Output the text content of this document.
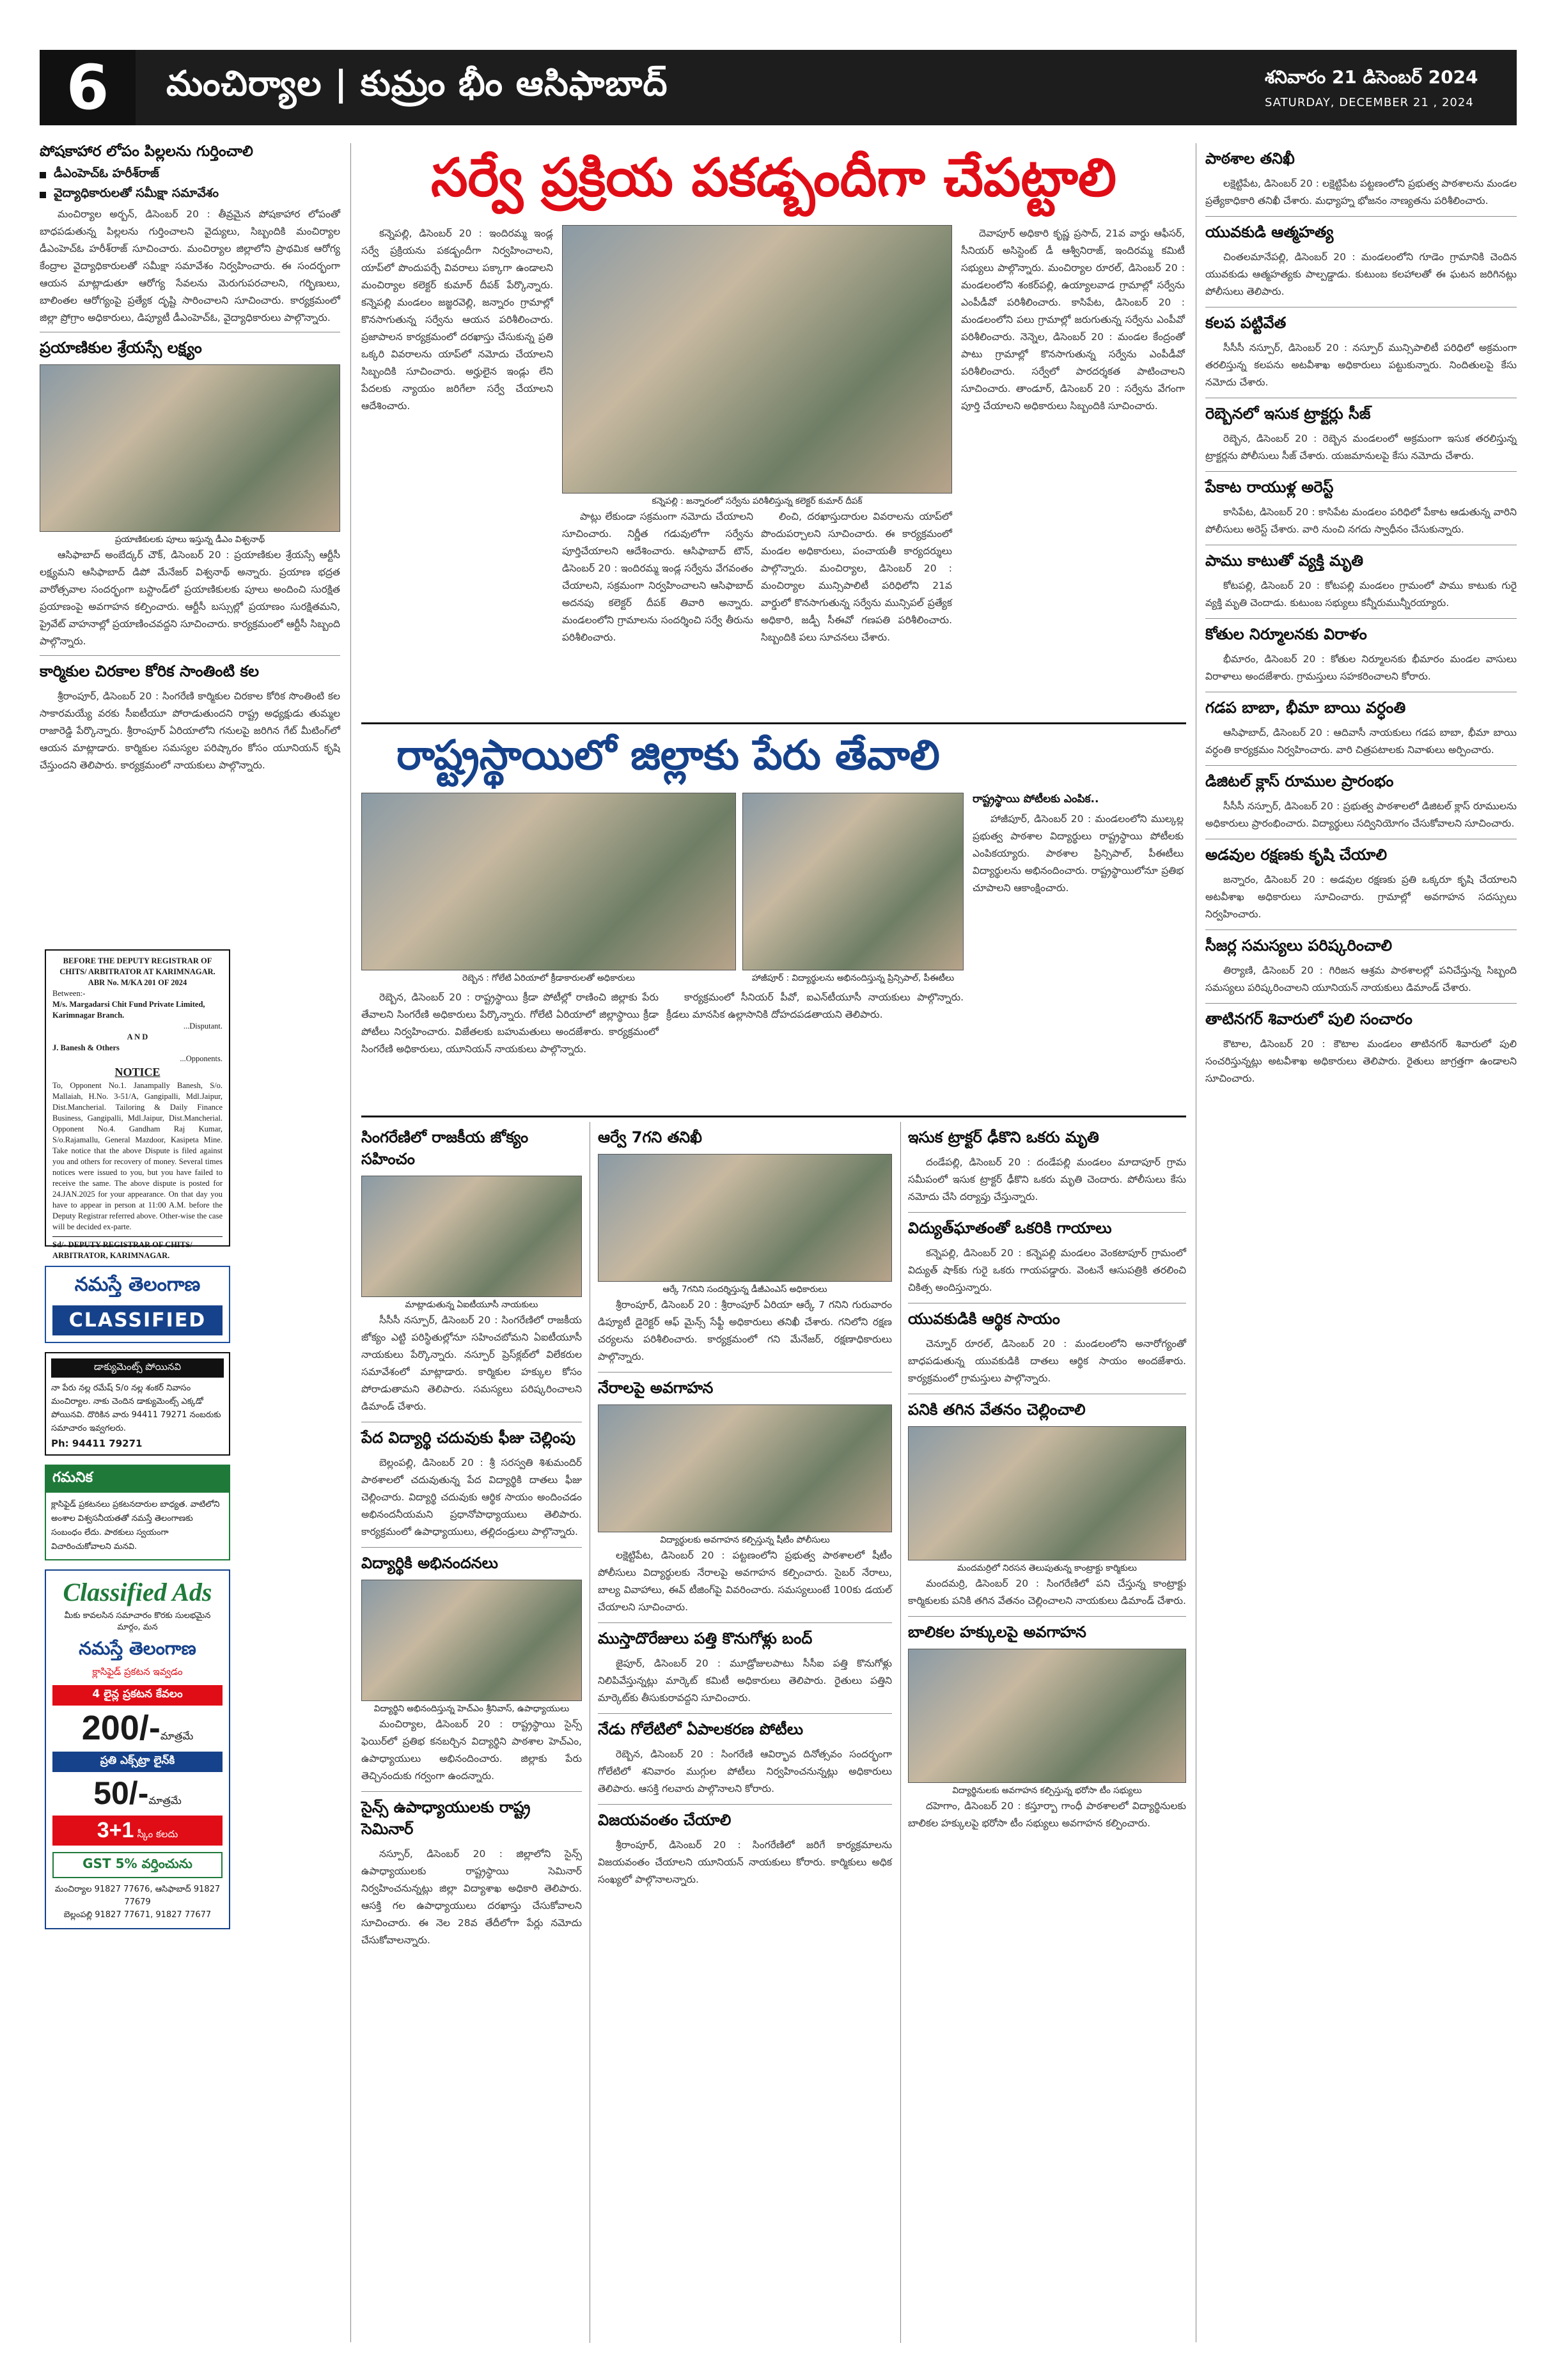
6	మంచిర్యాల | కుమ్రం భీం ఆసిఫాబాద్	శనివారం 21 డిసెంబర్ 2024
SATURDAY, DECEMBER 21 , 2024
పోషకాహార లోపం పిల్లలను గుర్తించాలి
డీఎంహెచ్‌ఓ హరీశ్‌రాజ్
వైద్యాధికారులతో సమీక్షా సమావేశం

మంచిర్యాల అర్బన్, డిసెంబర్ 20 : తీవ్రమైన పోషకాహార లోపంతో బాధపడుతున్న పిల్లలను గుర్తించాలని వైద్యులు, సిబ్బందికి మంచిర్యాల డీఎంహెచ్‌ఓ హరీశ్‌రాజ్ సూచించారు. మంచిర్యాల జిల్లాలోని ప్రాథమిక ఆరోగ్య కేంద్రాల వైద్యాధికారులతో సమీక్షా సమావేశం నిర్వహించారు. ఈ సందర్భంగా ఆయన మాట్లాడుతూ ఆరోగ్య సేవలను మెరుగుపరచాలని, గర్భిణులు, బాలింతల ఆరోగ్యంపై ప్రత్యేక దృష్టి సారించాలని సూచించారు. కార్యక్రమంలో జిల్లా ప్రోగ్రాం అధికారులు, డిప్యూటీ డీఎంహెచ్‌ఓ, వైద్యాధికారులు పాల్గొన్నారు.

ప్రయాణికుల శ్రేయస్సే లక్ష్యం
ప్రయాణికులకు పూలు ఇస్తున్న డీఎం విశ్వనాథ్

ఆసిఫాబాద్ అంబేద్కర్ చౌక్, డిసెంబర్ 20 : ప్రయాణికుల శ్రేయస్సే ఆర్టీసీ లక్ష్యమని ఆసిఫాబాద్ డిపో మేనేజర్ విశ్వనాథ్ అన్నారు. ప్రయాణ భద్రత వారోత్సవాల సందర్భంగా బస్టాండ్‌లో ప్రయాణికులకు పూలు అందించి సురక్షిత ప్రయాణంపై అవగాహన కల్పించారు. ఆర్టీసీ బస్సుల్లో ప్రయాణం సురక్షితమని, ప్రైవేట్ వాహనాల్లో ప్రయాణించవద్దని సూచించారు. కార్యక్రమంలో ఆర్టీసీ సిబ్బంది పాల్గొన్నారు.

కార్మికుల చిరకాల కోరిక సాంతింటి కల

శ్రీరాంపూర్, డిసెంబర్ 20 : సింగరేణి కార్మికుల చిరకాల కోరిక సొంతింటి కల సాకారమయ్యే వరకు సీఐటీయూ పోరాడుతుందని రాష్ట్ర అధ్యక్షుడు తుమ్మల రాజారెడ్డి పేర్కొన్నారు. శ్రీరాంపూర్ ఏరియాలోని గనులపై జరిగిన గేట్ మీటింగ్‌లో ఆయన మాట్లాడారు. కార్మికుల సమస్యల పరిష్కారం కోసం యూనియన్ కృషి చేస్తుందని తెలిపారు. కార్యక్రమంలో నాయకులు పాల్గొన్నారు.

BEFORE THE DEPUTY REGISTRAR OF CHITS/ ARBITRATOR AT KARIMNAGAR.
ABR No. M/KA 201 OF 2024
Between:-
M/s. Margadarsi Chit Fund Private Limited, Karimnagar Branch.
...Disputant.
A N D
J. Banesh & Others
...Opponents.
NOTICE
To, Opponent No.1. Janampally Banesh, S/o. Mallaiah, H.No. 3-51/A, Gangipalli, Mdl.Jaipur, Dist.Mancherial. Tailoring & Daily Finance Business, Gangipalli, Mdl.Jaipur, Dist.Mancherial. Opponent No.4. Gandham Raj Kumar, S/o.Rajamallu, General Mazdoor, Kasipeta Mine. Take notice that the above Dispute is filed against you and others for recovery of money. Several times notices were issued to you, but you have failed to receive the same. The above dispute is posted for 24.JAN.2025 for your appearance. On that day you have to appear in person at 11:00 A.M. before the Deputy Registrar referred above. Other-wise the case will be decided ex-parte.
Sd/- DEPUTY REGISTRAR OF CHITS/ ARBITRATOR, KARIMNAGAR.
నమస్తే తెలంగాణ
CLASSIFIED
డాక్యుమెంట్స్ పోయినవి
నా పేరు నల్ల రమేష్ S/o నల్ల శంకర్ నివాసం మంచిర్యాల. నాకు చెందిన డాక్యుమెంట్స్ ఎక్కడో పోయినవి. దొరికిన వారు 94411 79271 నంబరుకు సమాచారం ఇవ్వగలరు.
Ph: 94411 79271
గమనిక
క్లాసిఫైడ్ ప్రకటనలు ప్రకటనదారుల బాధ్యత. వాటిలోని అంశాల విశ్వసనీయతతో నమస్తే తెలంగాణకు సంబంధం లేదు. పాఠకులు స్వయంగా విచారించుకోవాలని మనవి.
Classified Ads
మీకు కావలసిన సమాచారం కొరకు సులభమైన మార్గం, మన
నమస్తే తెలంగాణ
క్లాసిఫైడ్ ప్రకటన ఇవ్వడం
4 లైన్ల ప్రకటన కేవలం
200/-మాత్రమే
ప్రతి ఎక్స్‌ట్రా లైన్‌కి
50/-మాత్రమే
3+1 స్కీం కలదు
GST 5% వర్తించును
మంచిర్యాల 91827 77676, ఆసిఫాబాద్ 91827 77679
బెల్లంపల్లి 91827 77671, 91827 77677
సర్వే ప్రక్రియ పకడ్బందీగా చేపట్టాలి

కన్నెపల్లి, డిసెంబర్ 20 : ఇందిరమ్మ ఇండ్ల సర్వే ప్రక్రియను పకడ్బందీగా నిర్వహించాలని, యాప్‌లో పొందుపర్చే వివరాలు పక్కాగా ఉండాలని మంచిర్యాల కలెక్టర్ కుమార్ దీపక్ పేర్కొన్నారు. కన్నెపల్లి మండలం జజ్జరవెల్లి, జన్నారం గ్రామాల్లో కొనసాగుతున్న సర్వేను ఆయన పరిశీలించారు. ప్రజాపాలన కార్యక్రమంలో దరఖాస్తు చేసుకున్న ప్రతి ఒక్కరి వివరాలను యాప్‌లో నమోదు చేయాలని సిబ్బందికి సూచించారు. అర్హులైన ఇండ్లు లేని పేదలకు న్యాయం జరిగేలా సర్వే చేయాలని ఆదేశించారు.

కన్నెపల్లి : జన్నారంలో సర్వేను పరిశీలిస్తున్న కలెక్టర్ కుమార్ దీపక్

పాట్లు లేకుండా సక్రమంగా నమోదు చేయాలని సూచించారు. నిర్ణీత గడువులోగా సర్వేను పూర్తిచేయాలని ఆదేశించారు. ఆసిఫాబాద్ టౌన్, డిసెంబర్ 20 : ఇందిరమ్మ ఇండ్ల సర్వేను వేగవంతం చేయాలని, సక్రమంగా నిర్వహించాలని ఆసిఫాబాద్ అదనపు కలెక్టర్ దీపక్ తివారి అన్నారు. మండలంలోని గ్రామాలను సందర్శించి సర్వే తీరును పరిశీలించారు.

లించి, దరఖాస్తుదారుల వివరాలను యాప్‌లో పొందుపర్చాలని సూచించారు. ఈ కార్యక్రమంలో మండల అధికారులు, పంచాయతీ కార్యదర్శులు పాల్గొన్నారు. మంచిర్యాల, డిసెంబర్ 20 : మంచిర్యాల మున్సిపాలిటీ పరిధిలోని 21వ వార్డులో కొనసాగుతున్న సర్వేను మున్సిపల్ ప్రత్యేక అధికారి, జడ్పీ సీఈవో గణపతి పరిశీలించారు. సిబ్బందికి పలు సూచనలు చేశారు.

దెవాపూర్ అధికారి కృష్ణ ప్రసాద్, 21వ వార్డు ఆఫీసర్, సీనియర్ అసిస్టెంట్ డీ ఆశ్వీనిరాజ్, ఇందిరమ్మ కమిటీ సభ్యులు పాల్గొన్నారు. మంచిర్యాల రూరల్, డిసెంబర్ 20 : మండలంలోని శంకర్‌పల్లి, ఉయ్యాలవాడ గ్రామాల్లో సర్వేను ఎంపీడీవో పరిశీలించారు. కాసిపేట, డిసెంబర్ 20 : మండలంలోని పలు గ్రామాల్లో జరుగుతున్న సర్వేను ఎంపీవో పరిశీలించారు. నెన్నెల, డిసెంబర్ 20 : మండల కేంద్రంతో పాటు గ్రామాల్లో కొనసాగుతున్న సర్వేను ఎంపీడీవో పరిశీలించారు. సర్వేలో పారదర్శకత పాటించాలని సూచించారు. తాండూర్, డిసెంబర్ 20 : సర్వేను వేగంగా పూర్తి చేయాలని అధికారులు సిబ్బందికి సూచించారు.

రాష్ట్రస్థాయిలో జిల్లాకు పేరు తేవాలి
రెబ్బెన : గోలేటి ఏరియాలో క్రీడాకారులతో అధికారులు	హాజీపూర్ : విద్యార్థులను అభినందిస్తున్న ప్రిన్సిపాల్, పీఈటీలు

రెబ్బెన, డిసెంబర్ 20 : రాష్ట్రస్థాయి క్రీడా పోటీల్లో రాణించి జిల్లాకు పేరు తేవాలని సింగరేణి అధికారులు పేర్కొన్నారు. గోలేటి ఏరియాలో జిల్లాస్థాయి క్రీడా పోటీలు నిర్వహించారు. విజేతలకు బహుమతులు అందజేశారు. కార్యక్రమంలో సింగరేణి అధికారులు, యూనియన్ నాయకులు పాల్గొన్నారు.

కార్యక్రమంలో సీనియర్ పీవో, ఐఎన్‌టీయూసీ నాయకులు పాల్గొన్నారు. క్రీడలు మానసిక ఉల్లాసానికి దోహదపడతాయని తెలిపారు.

రాష్ట్రస్థాయి పోటీలకు ఎంపిక..

హాజీపూర్, డిసెంబర్ 20 : మండలంలోని ముల్కల్ల ప్రభుత్వ పాఠశాల విద్యార్థులు రాష్ట్రస్థాయి పోటీలకు ఎంపికయ్యారు. పాఠశాల ప్రిన్సిపాల్, పీఈటీలు విద్యార్థులను అభినందించారు. రాష్ట్రస్థాయిలోనూ ప్రతిభ చూపాలని ఆకాంక్షించారు.

సింగరేణిలో రాజకీయ జోక్యం సహించం
మాట్లాడుతున్న ఏఐటీయూసీ నాయకులు

సీసీసీ నస్పూర్, డిసెంబర్ 20 : సింగరేణిలో రాజకీయ జోక్యం ఎట్టి పరిస్థితుల్లోనూ సహించబోమని ఏఐటీయూసీ నాయకులు పేర్కొన్నారు. నస్పూర్ ప్రెస్‌క్లబ్‌లో విలేకరుల సమావేశంలో మాట్లాడారు. కార్మికుల హక్కుల కోసం పోరాడుతామని తెలిపారు. సమస్యలు పరిష్కరించాలని డిమాండ్ చేశారు.

పేద విద్యార్థి చదువుకు ఫీజు చెల్లింపు

బెల్లంపల్లి, డిసెంబర్ 20 : శ్రీ సరస్వతి శిశుమందిర్ పాఠశాలలో చదువుతున్న పేద విద్యార్థికి దాతలు ఫీజు చెల్లించారు. విద్యార్థి చదువుకు ఆర్థిక సాయం అందించడం అభినందనీయమని ప్రధానోపాధ్యాయులు తెలిపారు. కార్యక్రమంలో ఉపాధ్యాయులు, తల్లిదండ్రులు పాల్గొన్నారు.

విద్యార్థికి అభినందనలు
విద్యార్థిని అభినందిస్తున్న హెచ్‌ఎం శ్రీనివాస్, ఉపాధ్యాయులు

మంచిర్యాల, డిసెంబర్ 20 : రాష్ట్రస్థాయి సైన్స్ ఫెయిర్‌లో ప్రతిభ కనబర్చిన విద్యార్థిని పాఠశాల హెచ్‌ఎం, ఉపాధ్యాయులు అభినందించారు. జిల్లాకు పేరు తెచ్చినందుకు గర్వంగా ఉందన్నారు.

సైన్స్ ఉపాధ్యాయులకు రాష్ట్ర సెమినార్

నస్పూర్, డిసెంబర్ 20 : జిల్లాలోని సైన్స్ ఉపాధ్యాయులకు రాష్ట్రస్థాయి సెమినార్ నిర్వహించనున్నట్లు జిల్లా విద్యాశాఖ అధికారి తెలిపారు. ఆసక్తి గల ఉపాధ్యాయులు దరఖాస్తు చేసుకోవాలని సూచించారు. ఈ నెల 28వ తేదీలోగా పేర్లు నమోదు చేసుకోవాలన్నారు.

ఆర్వే 7గని తనిఖీ
ఆర్కే 7గనిని సందర్శిస్తున్న డీజీఎంఎస్ అధికారులు

శ్రీరాంపూర్, డిసెంబర్ 20 : శ్రీరాంపూర్ ఏరియా ఆర్కే 7 గనిని గురువారం డిప్యూటీ డైరెక్టర్ ఆఫ్ మైన్స్ సేఫ్టీ అధికారులు తనిఖీ చేశారు. గనిలోని రక్షణ చర్యలను పరిశీలించారు. కార్యక్రమంలో గని మేనేజర్, రక్షణాధికారులు పాల్గొన్నారు.

నేరాలపై అవగాహన
విద్యార్థులకు అవగాహన కల్పిస్తున్న షీటీం పోలీసులు

లక్షెట్టిపేట, డిసెంబర్ 20 : పట్టణంలోని ప్రభుత్వ పాఠశాలలో షీటీం పోలీసులు విద్యార్థులకు నేరాలపై అవగాహన కల్పించారు. సైబర్ నేరాలు, బాల్య వివాహాలు, ఈవ్ టీజింగ్‌పై వివరించారు. సమస్యలుంటే 100కు డయల్ చేయాలని సూచించారు.

ముస్తాదొరేజులు పత్తి కొనుగోళ్లు బంద్

జైపూర్, డిసెంబర్ 20 : మూడ్రోజులపాటు సీసీఐ పత్తి కొనుగోళ్లు నిలిపివేస్తున్నట్లు మార్కెట్ కమిటీ అధికారులు తెలిపారు. రైతులు పత్తిని మార్కెట్‌కు తీసుకురావద్దని సూచించారు.

నేడు గోలేటిలో ఏపాలకరణ పోటీలు

రెబ్బెన, డిసెంబర్ 20 : సింగరేణి ఆవిర్భావ దినోత్సవం సందర్భంగా గోలేటిలో శనివారం ముగ్గుల పోటీలు నిర్వహించనున్నట్లు అధికారులు తెలిపారు. ఆసక్తి గలవారు పాల్గొనాలని కోరారు.

విజయవంతం చేయాలి

శ్రీరాంపూర్, డిసెంబర్ 20 : సింగరేణిలో జరిగే కార్యక్రమాలను విజయవంతం చేయాలని యూనియన్ నాయకులు కోరారు. కార్మికులు అధిక సంఖ్యలో పాల్గొనాలన్నారు.

ఇసుక ట్రాక్టర్ ఢీకొని ఒకరు మృతి

దండేపల్లి, డిసెంబర్ 20 : దండేపల్లి మండలం మాదాపూర్ గ్రామ సమీపంలో ఇసుక ట్రాక్టర్ ఢీకొని ఒకరు మృతి చెందారు. పోలీసులు కేసు నమోదు చేసి దర్యాప్తు చేస్తున్నారు.

విద్యుత్‌ఘాతంతో ఒకరికి గాయాలు

కన్నెపల్లి, డిసెంబర్ 20 : కన్నెపల్లి మండలం వెంకటాపూర్ గ్రామంలో విద్యుత్ షాక్‌కు గురై ఒకరు గాయపడ్డారు. వెంటనే ఆసుపత్రికి తరలించి చికిత్స అందిస్తున్నారు.

యువకుడికి ఆర్థిక సాయం

చెన్నూర్ రూరల్, డిసెంబర్ 20 : మండలంలోని అనారోగ్యంతో బాధపడుతున్న యువకుడికి దాతలు ఆర్థిక సాయం అందజేశారు. కార్యక్రమంలో గ్రామస్తులు పాల్గొన్నారు.

పనికి తగిన వేతనం చెల్లించాలి
మందమర్రిలో నిరసన తెలుపుతున్న కాంట్రాక్టు కార్మికులు

మందమర్రి, డిసెంబర్ 20 : సింగరేణిలో పని చేస్తున్న కాంట్రాక్టు కార్మికులకు పనికి తగిన వేతనం చెల్లించాలని నాయకులు డిమాండ్ చేశారు.

బాలికల హక్కులపై అవగాహన
విద్యార్థినులకు అవగాహన కల్పిస్తున్న భరోసా టీం సభ్యులు

దహెగాం, డిసెంబర్ 20 : కస్తూర్బా గాంధీ పాఠశాలలో విద్యార్థినులకు బాలికల హక్కులపై భరోసా టీం సభ్యులు అవగాహన కల్పించారు.

పాఠశాల తనిఖీ

లక్షెట్టిపేట, డిసెంబర్ 20 : లక్షెట్టిపేట పట్టణంలోని ప్రభుత్వ పాఠశాలను మండల ప్రత్యేకాధికారి తనిఖీ చేశారు. మధ్యాహ్న భోజనం నాణ్యతను పరిశీలించారు.

యువకుడి ఆత్మహత్య

చింతలమానేపల్లి, డిసెంబర్ 20 : మండలంలోని గూడెం గ్రామానికి చెందిన యువకుడు ఆత్మహత్యకు పాల్పడ్డాడు. కుటుంబ కలహాలతో ఈ ఘటన జరిగినట్లు పోలీసులు తెలిపారు.

కలప పట్టివేత

సీసీసీ నస్పూర్, డిసెంబర్ 20 : నస్పూర్ మున్సిపాలిటీ పరిధిలో అక్రమంగా తరలిస్తున్న కలపను అటవీశాఖ అధికారులు పట్టుకున్నారు. నిందితులపై కేసు నమోదు చేశారు.

రెబ్బెనలో ఇసుక ట్రాక్టర్లు సీజ్

రెబ్బెన, డిసెంబర్ 20 : రెబ్బెన మండలంలో అక్రమంగా ఇసుక తరలిస్తున్న ట్రాక్టర్లను పోలీసులు సీజ్ చేశారు. యజమానులపై కేసు నమోదు చేశారు.

పేకాట రాయుళ్ల అరెస్ట్

కాసిపేట, డిసెంబర్ 20 : కాసిపేట మండలం పరిధిలో పేకాట ఆడుతున్న వారిని పోలీసులు అరెస్ట్ చేశారు. వారి నుంచి నగదు స్వాధీనం చేసుకున్నారు.

పాము కాటుతో వ్యక్తి మృతి

కోటపల్లి, డిసెంబర్ 20 : కోటపల్లి మండలం గ్రామంలో పాము కాటుకు గురై వ్యక్తి మృతి చెందాడు. కుటుంబ సభ్యులు కన్నీరుమున్నీరయ్యారు.

కోతుల నిర్మూలనకు విరాళం

భీమారం, డిసెంబర్ 20 : కోతుల నిర్మూలనకు భీమారం మండల వాసులు విరాళాలు అందజేశారు. గ్రామస్తులు సహకరించాలని కోరారు.

గడప బాబా, భీమా బాయి వర్ధంతి

ఆసిఫాబాద్, డిసెంబర్ 20 : ఆదివాసీ నాయకులు గడప బాబా, భీమా బాయి వర్ధంతి కార్యక్రమం నిర్వహించారు. వారి చిత్రపటాలకు నివాళులు అర్పించారు.

డిజిటల్ క్లాస్ రూముల ప్రారంభం

సీసీసీ నస్పూర్, డిసెంబర్ 20 : ప్రభుత్వ పాఠశాలలో డిజిటల్ క్లాస్ రూములను అధికారులు ప్రారంభించారు. విద్యార్థులు సద్వినియోగం చేసుకోవాలని సూచించారు.

అడవుల రక్షణకు కృషి చేయాలి

జన్నారం, డిసెంబర్ 20 : అడవుల రక్షణకు ప్రతి ఒక్కరూ కృషి చేయాలని అటవీశాఖ అధికారులు సూచించారు. గ్రామాల్లో అవగాహన సదస్సులు నిర్వహించారు.

సీజర్ల సమస్యలు పరిష్కరించాలి

తిర్యాణి, డిసెంబర్ 20 : గిరిజన ఆశ్రమ పాఠశాలల్లో పనిచేస్తున్న సిబ్బంది సమస్యలు పరిష్కరించాలని యూనియన్ నాయకులు డిమాండ్ చేశారు.

తాటినగర్ శివారులో పులి సంచారం

కౌటాల, డిసెంబర్ 20 : కౌటాల మండలం తాటినగర్ శివారులో పులి సంచరిస్తున్నట్లు అటవీశాఖ అధికారులు తెలిపారు. రైతులు జాగ్రత్తగా ఉండాలని సూచించారు.
